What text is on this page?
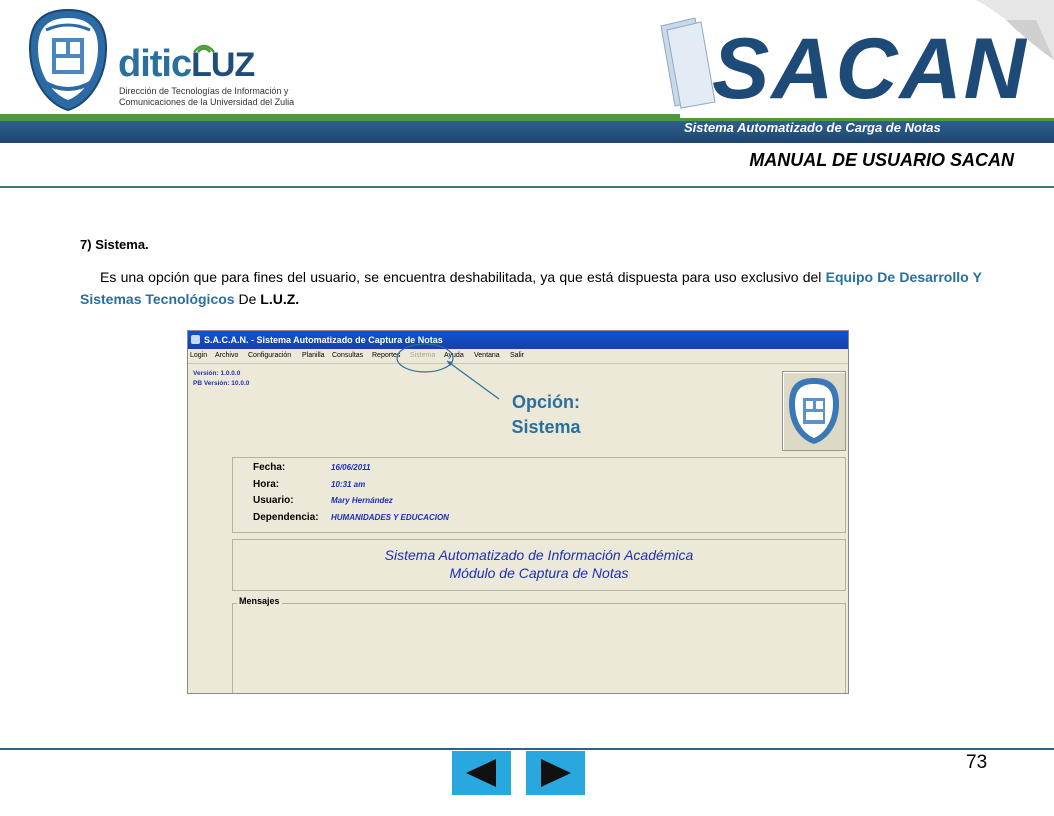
diticLUZ
Dirección de Tecnologías de Información y
Comunicaciones de la Universidad del Zulia	SACAN
Sistema Automatizado de Carga de Notas
MANUAL DE USUARIO SACAN
7) Sistema.
Es una opción que para fines del usuario, se encuentra deshabilitada, ya que está dispuesta para uso exclusivo del Equipo De Desarrollo Y Sistemas Tecnológicos De L.U.Z.
S.A.C.A.N. - Sistema Automatizado de Captura de Notas
Login Archivo Configuración Planilla Consultas Reportes Sistema Ayuda Ventana Salir
Versión: 1.0.0.0
PB Versión: 10.0.0
Fecha:	16/06/2011
Hora:	10:31 am
Usuario:	Mary Hernández
Dependencia: HUMANIDADES Y EDUCACION
Sistema Automatizado de Información Académica
Módulo de Captura de Notas
Mensajes
Opción:
Sistema
73
